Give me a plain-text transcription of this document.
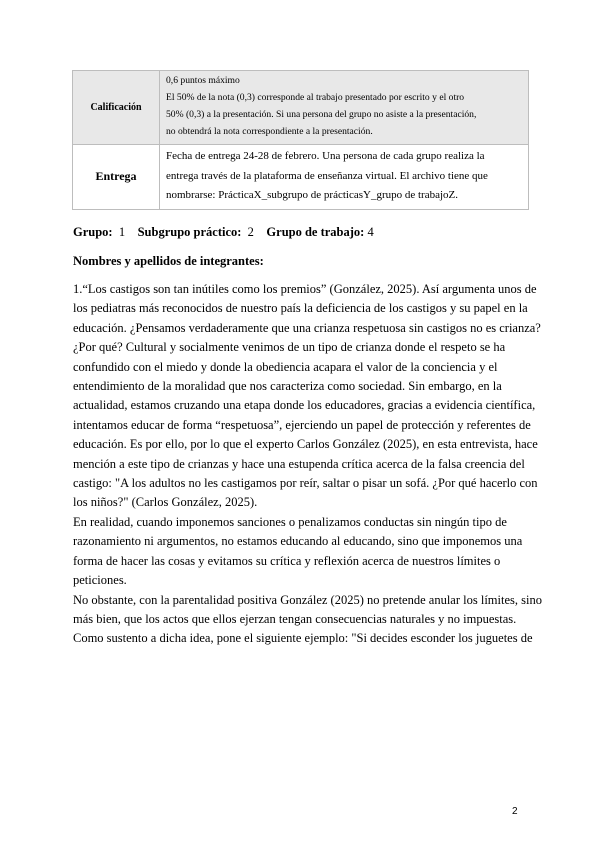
Calificación	0,6 puntos máximo
El 50% de la nota (0,3) corresponde al trabajo presentado por escrito y el otro
50% (0,3) a la presentación. Si una persona del grupo no asiste a la presentación,
no obtendrá la nota correspondiente a la presentación.

Entrega	Fecha de entrega 24-28 de febrero. Una persona de cada grupo realiza la
entrega través de la plataforma de enseñanza virtual. El archivo tiene que
nombrarse: PrácticaX_subgrupo de prácticasY_grupo de trabajoZ.
Grupo: 1 Subgrupo práctico: 2 Grupo de trabajo: 4
Nombres y apellidos de integrantes:
1.“Los castigos son tan inútiles como los premios” (González, 2025). Así argumenta unos de
los pediatras más reconocidos de nuestro país la deficiencia de los castigos y su papel en la
educación. ¿Pensamos verdaderamente que una crianza respetuosa sin castigos no es crianza?
¿Por qué? Cultural y socialmente venimos de un tipo de crianza donde el respeto se ha
confundido con el miedo y donde la obediencia acapara el valor de la conciencia y el
entendimiento de la moralidad que nos caracteriza como sociedad. Sin embargo, en la
actualidad, estamos cruzando una etapa donde los educadores, gracias a evidencia científica,
intentamos educar de forma “respetuosa”, ejerciendo un papel de protección y referentes de
educación. Es por ello, por lo que el experto Carlos González (2025), en esta entrevista, hace
mención a este tipo de crianzas y hace una estupenda crítica acerca de la falsa creencia del
castigo: "A los adultos no les castigamos por reír, saltar o pisar un sofá. ¿Por qué hacerlo con
los niños?" (Carlos González, 2025).
En realidad, cuando imponemos sanciones o penalizamos conductas sin ningún tipo de
razonamiento ni argumentos, no estamos educando al educando, sino que imponemos una
forma de hacer las cosas y evitamos su crítica y reflexión acerca de nuestros límites o
peticiones.
No obstante, con la parentalidad positiva González (2025) no pretende anular los límites, sino
más bien, que los actos que ellos ejerzan tengan consecuencias naturales y no impuestas.
Como sustento a dicha idea, pone el siguiente ejemplo: "Si decides esconder los juguetes de
2
